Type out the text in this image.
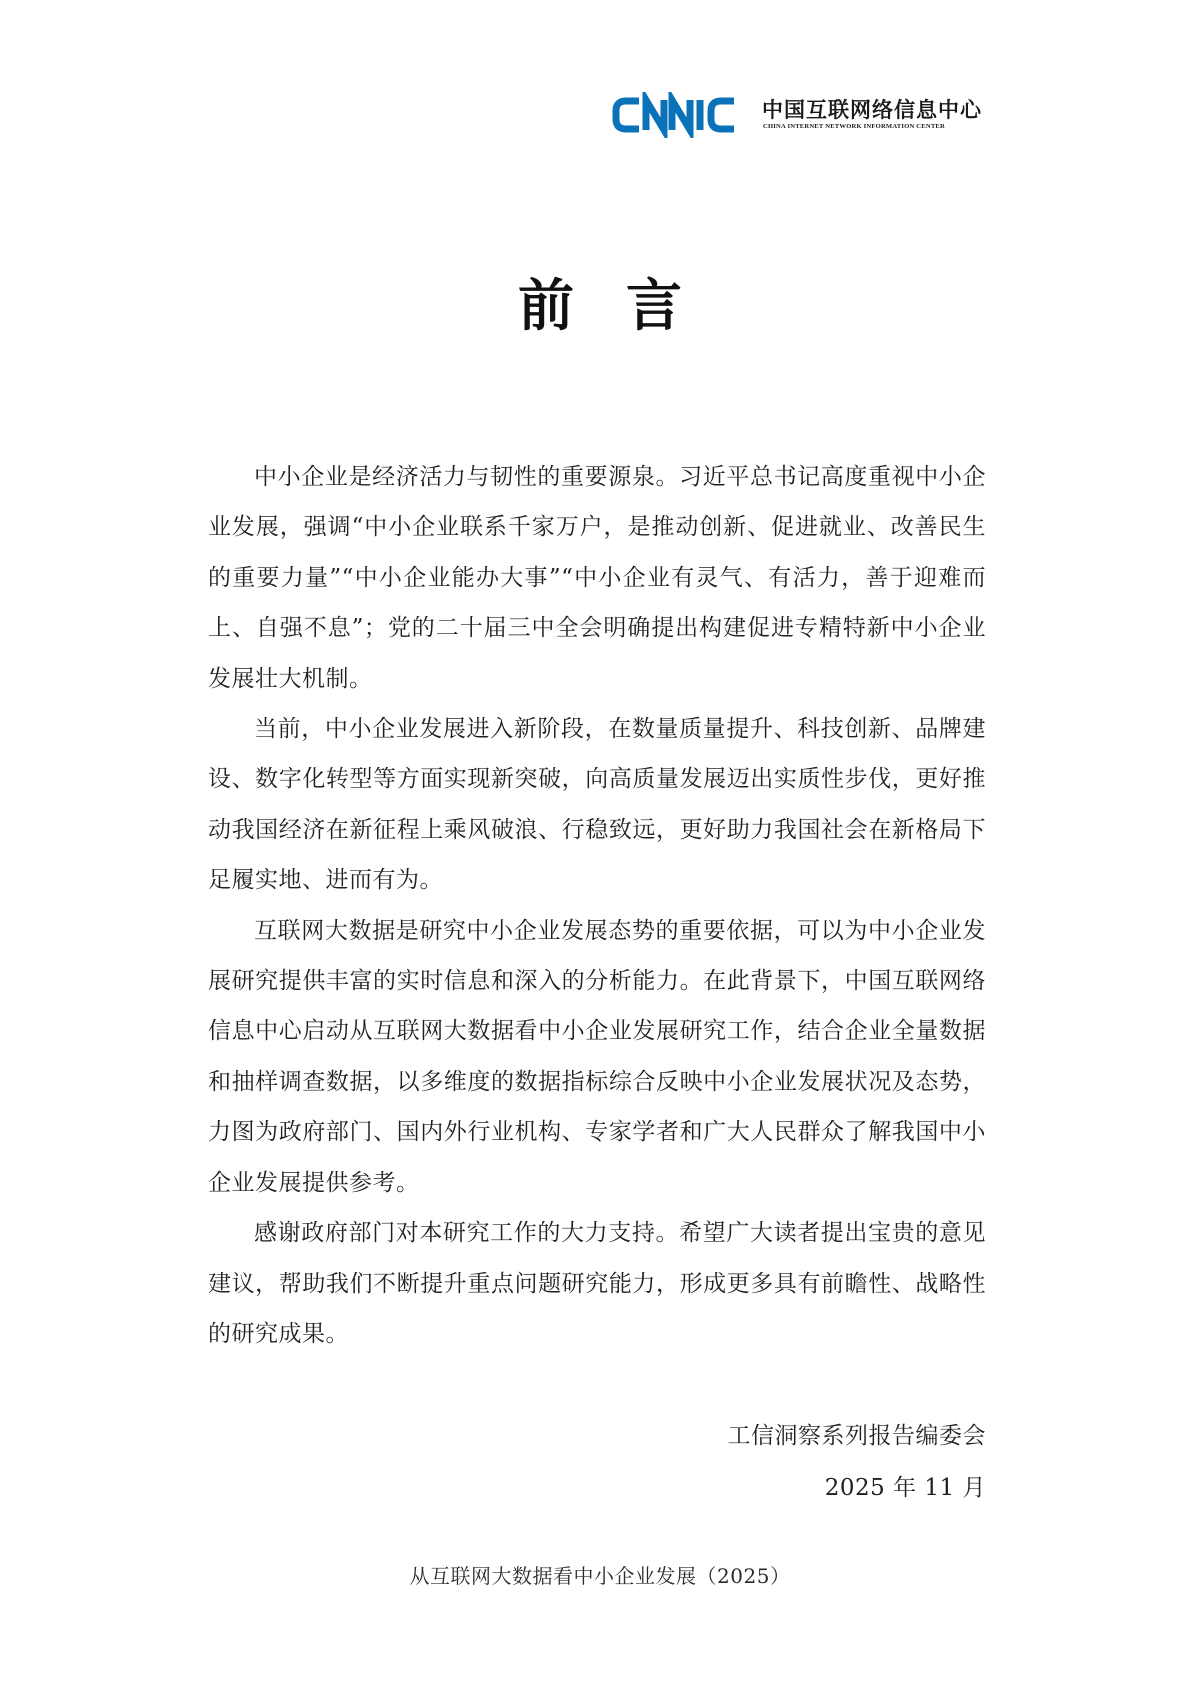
中国互联网络信息中心
CHINA INTERNET NETWORK INFORMATION CENTER
前言

中小企业是经济活力与韧性的重要源泉。习近平总书记高度重视中小企业发展，强调“中小企业联系千家万户，是推动创新、促进就业、改善民生的重要力量”“中小企业能办大事”“中小企业有灵气、有活力，善于迎难而上、自强不息”；党的二十届三中全会明确提出构建促进专精特新中小企业发展壮大机制。

当前，中小企业发展进入新阶段，在数量质量提升、科技创新、品牌建设、数字化转型等方面实现新突破，向高质量发展迈出实质性步伐，更好推动我国经济在新征程上乘风破浪、行稳致远，更好助力我国社会在新格局下足履实地、进而有为。

互联网大数据是研究中小企业发展态势的重要依据，可以为中小企业发展研究提供丰富的实时信息和深入的分析能力。在此背景下，中国互联网络信息中心启动从互联网大数据看中小企业发展研究工作，结合企业全量数据和抽样调查数据，以多维度的数据指标综合反映中小企业发展状况及态势，力图为政府部门、国内外行业机构、专家学者和广大人民群众了解我国中小企业发展提供参考。

感谢政府部门对本研究工作的大力支持。希望广大读者提出宝贵的意见建议，帮助我们不断提升重点问题研究能力，形成更多具有前瞻性、战略性的研究成果。

工信洞察系列报告编委会
2025 年 11 月
从互联网大数据看中小企业发展（2025）
